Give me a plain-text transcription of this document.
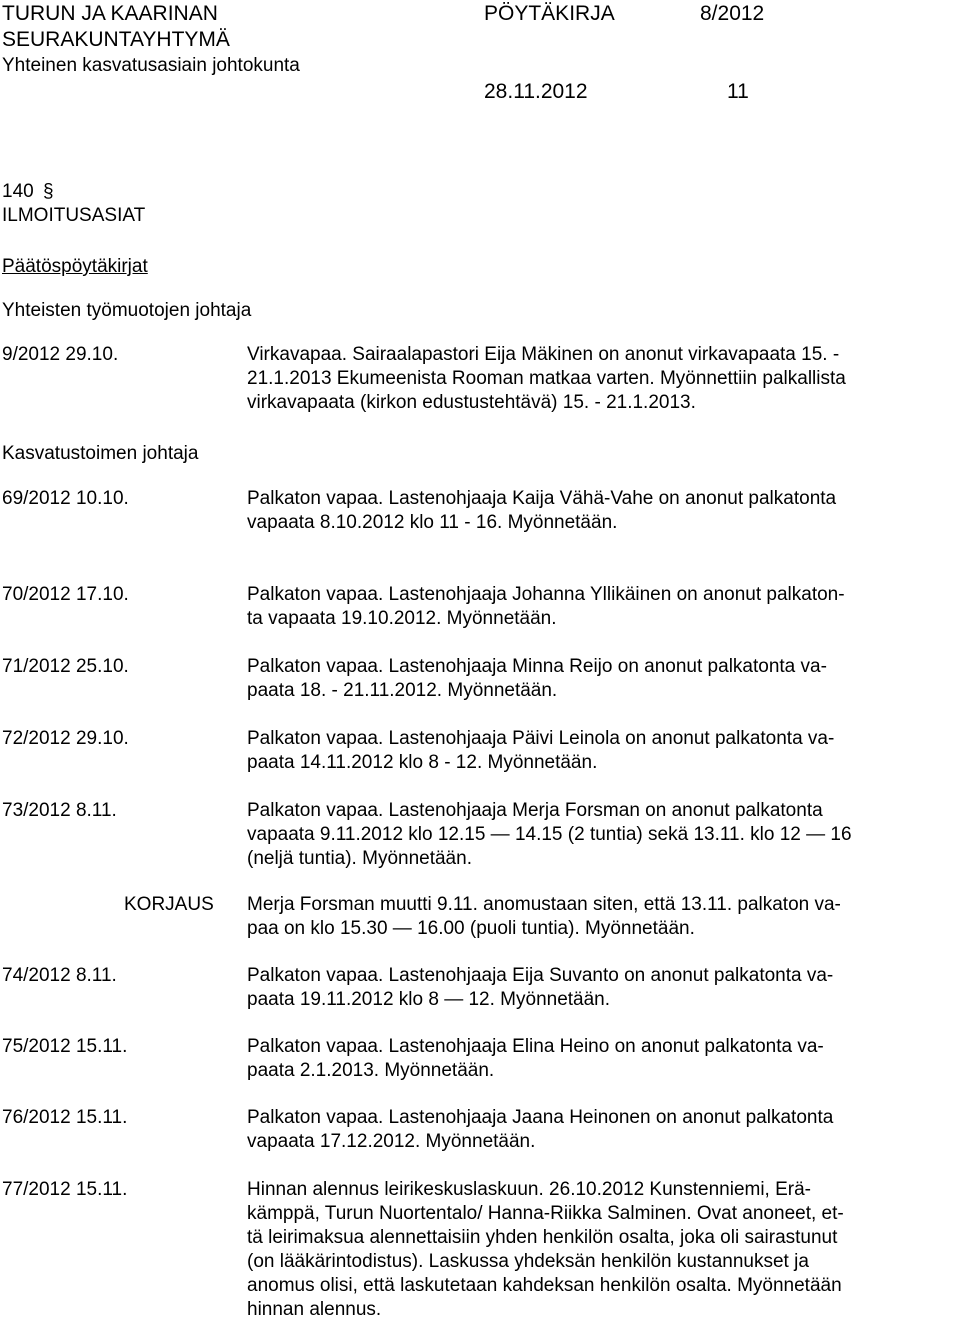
TURUN JA KAARINAN
SEURAKUNTAYHTYMÄ
Yhteinen kasvatusasiain johtokunta
PÖYTÄKIRJA	8/2012
28.11.2012	11
140 §
ILMOITUSASIAT
Päätöspöytäkirjat
Yhteisten työmuotojen johtaja
9/2012 29.10.	Virkavapaa. Sairaalapastori Eija Mäkinen on anonut virkavapaata 15. -
21.1.2013 Ekumeenista Rooman matkaa varten. Myönnettiin palkallista
virkavapaata (kirkon edustustehtävä) 15. - 21.1.2013.
Kasvatustoimen johtaja
69/2012 10.10.	Palkaton vapaa. Lastenohjaaja Kaija Vähä-Vahe on anonut palkatonta
vapaata 8.10.2012 klo 11 - 16. Myönnetään.
70/2012 17.10.	Palkaton vapaa. Lastenohjaaja Johanna Yllikäinen on anonut palkaton-
ta vapaata 19.10.2012. Myönnetään.
71/2012 25.10.	Palkaton vapaa. Lastenohjaaja Minna Reijo on anonut palkatonta va-
paata 18. - 21.11.2012. Myönnetään.
72/2012 29.10.	Palkaton vapaa. Lastenohjaaja Päivi Leinola on anonut palkatonta va-
paata 14.11.2012 klo 8 - 12. Myönnetään.
73/2012 8.11.	Palkaton vapaa. Lastenohjaaja Merja Forsman on anonut palkatonta
vapaata 9.11.2012 klo 12.15 — 14.15 (2 tuntia) sekä 13.11. klo 12 — 16
(neljä tuntia). Myönnetään.
KORJAUS Merja Forsman muutti 9.11. anomustaan siten, että 13.11. palkaton va-
paa on klo 15.30 — 16.00 (puoli tuntia). Myönnetään.
74/2012 8.11.	Palkaton vapaa. Lastenohjaaja Eija Suvanto on anonut palkatonta va-
paata 19.11.2012 klo 8 — 12. Myönnetään.
75/2012 15.11.	Palkaton vapaa. Lastenohjaaja Elina Heino on anonut palkatonta va-
paata 2.1.2013. Myönnetään.
76/2012 15.11.	Palkaton vapaa. Lastenohjaaja Jaana Heinonen on anonut palkatonta
vapaata 17.12.2012. Myönnetään.
77/2012 15.11.	Hinnan alennus leirikeskuslaskuun. 26.10.2012 Kunstenniemi, Erä-
kämppä, Turun Nuortentalo/ Hanna-Riikka Salminen. Ovat anoneet, et-
tä leirimaksua alennettaisiin yhden henkilön osalta, joka oli sairastunut
(on lääkärintodistus). Laskussa yhdeksän henkilön kustannukset ja
anomus olisi, että laskutetaan kahdeksan henkilön osalta. Myönnetään
hinnan alennus.
